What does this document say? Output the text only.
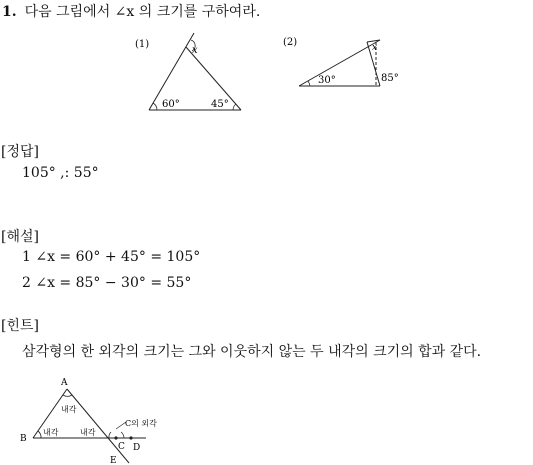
1. 다음 그림에서 ∠x 의 크기를 구하여라.
(1)
x
60°	45°
(2)	x
30°	85°
[정답]
105° ,: 55°
[해설]
1 ∠x = 60° + 45° = 105°
2 ∠x = 85° − 30° = 55°
[힌트]
삼각형의 한 외각의 크기는 그와 이웃하지 않는 두 내각의 크기의 합과 같다.
A
B
C D
E
내각
내각	내각
C의 외각
